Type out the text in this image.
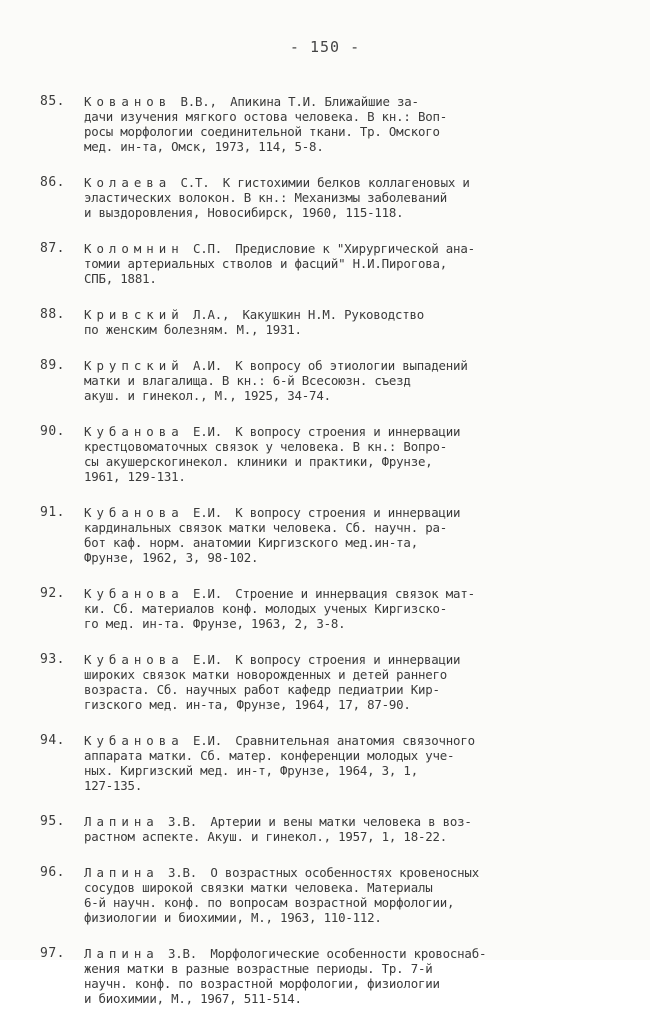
- 150 -
85.	Кованов В.В., Апикина Т.И. Ближайшие за-
дачи изучения мягкого остова человека. В кн.: Воп-
росы морфологии соединительной ткани. Тр. Омского
мед. ин-та, Омск, 1973, 114, 5-8.
86.	Колаева С.Т. К гистохимии белков коллагеновых и
эластических волокон. В кн.: Механизмы заболеваний
и выздоровления, Новосибирск, 1960, 115-118.
87.	Коломнин С.П. Предисловие к "Хирургической ана-
томии артериальных стволов и фасций" Н.И.Пирогова,
СПБ, 1881.
88.	Кривский Л.А., Какушкин Н.М. Руководство
по женским болезням. М., 1931.
89.	Крупский А.И. К вопросу об этиологии выпадений
матки и влагалища. В кн.: 6-й Всесоюзн. съезд
акуш. и гинекол., М., 1925, 34-74.
90.	Кубанова Е.И. К вопросу строения и иннервации
крестцовоматочных связок у человека. В кн.: Вопро-
сы акушерскогинекол. клиники и практики, Фрунзе,
1961, 129-131.
91.	Кубанова Е.И. К вопросу строения и иннервации
кардинальных связок матки человека. Сб. научн. ра-
бот каф. норм. анатомии Киргизского мед.ин-та,
Фрунзе, 1962, 3, 98-102.
92.	Кубанова Е.И. Строение и иннервация связок мат-
ки. Сб. материалов конф. молодых ученых Киргизско-
го мед. ин-та. Фрунзе, 1963, 2, 3-8.
93.	Кубанова Е.И. К вопросу строения и иннервации
широких связок матки новорожденных и детей раннего
возраста. Сб. научных работ кафедр педиатрии Кир-
гизского мед. ин-та, Фрунзе, 1964, 17, 87-90.
94.	Кубанова Е.И. Сравнительная анатомия связочного
аппарата матки. Сб. матер. конференции молодых уче-
ных. Киргизский мед. ин-т, Фрунзе, 1964, 3, 1,
127-135.
95.	Лапина З.В. Артерии и вены матки человека в воз-
растном аспекте. Акуш. и гинекол., 1957, 1, 18-22.
96.	Лапина З.В. О возрастных особенностях кровеносных
сосудов широкой связки матки человека. Материалы
6-й научн. конф. по вопросам возрастной морфологии,
физиологии и биохимии, М., 1963, 110-112.
97.	Лапина З.В. Морфологические особенности кровоснаб-
жения матки в разные возрастные периоды. Тр. 7-й
научн. конф. по возрастной морфологии, физиологии
и биохимии, М., 1967, 511-514.
